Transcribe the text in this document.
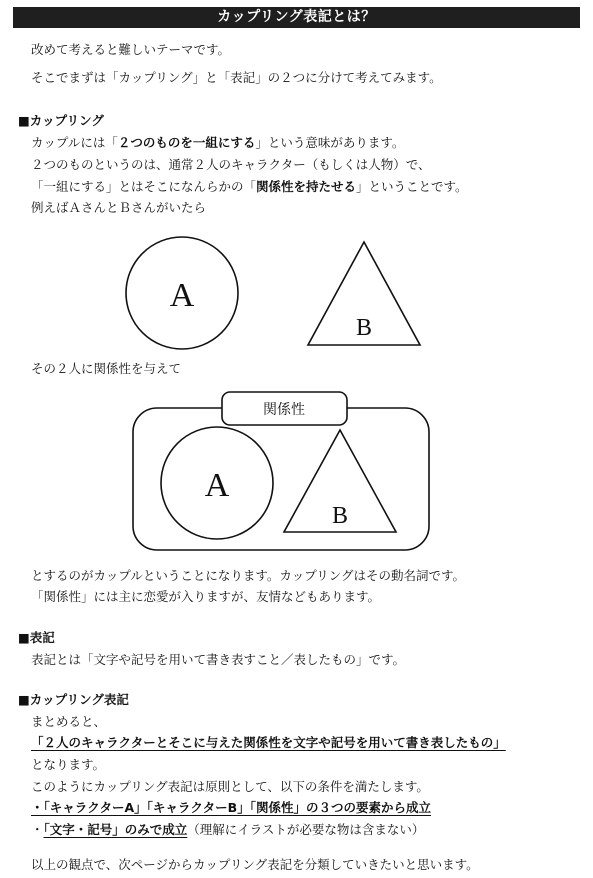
カップリング表記とは？
改めて考えると難しいテーマです。
そこでまずは「カップリング」と「表記」の２つに分けて考えてみます。
■カップリング
カップルには「２つのものを一組にする」という意味があります。
２つのものというのは、通常２人のキャラクター（もしくは人物）で、
「一組にする」とはそこになんらかの「関係性を持たせる」ということです。
例えばＡさんとＢさんがいたら
A
B
その２人に関係性を与えて
関係性
A
B
とするのがカップルということになります。カップリングはその動名詞です。
「関係性」には主に恋愛が入りますが、友情などもあります。
■表記
表記とは「文字や記号を用いて書き表すこと／表したもの」です。
■カップリング表記
まとめると、
「２人のキャラクターとそこに与えた関係性を文字や記号を用いて書き表したもの」
となります。
このようにカップリング表記は原則として、以下の条件を満たします。
・「キャラクターA」「キャラクターB」「関係性」の３つの要素から成立
・「文字・記号」のみで成立（理解にイラストが必要な物は含まない）
以上の観点で、次ページからカップリング表記を分類していきたいと思います。
